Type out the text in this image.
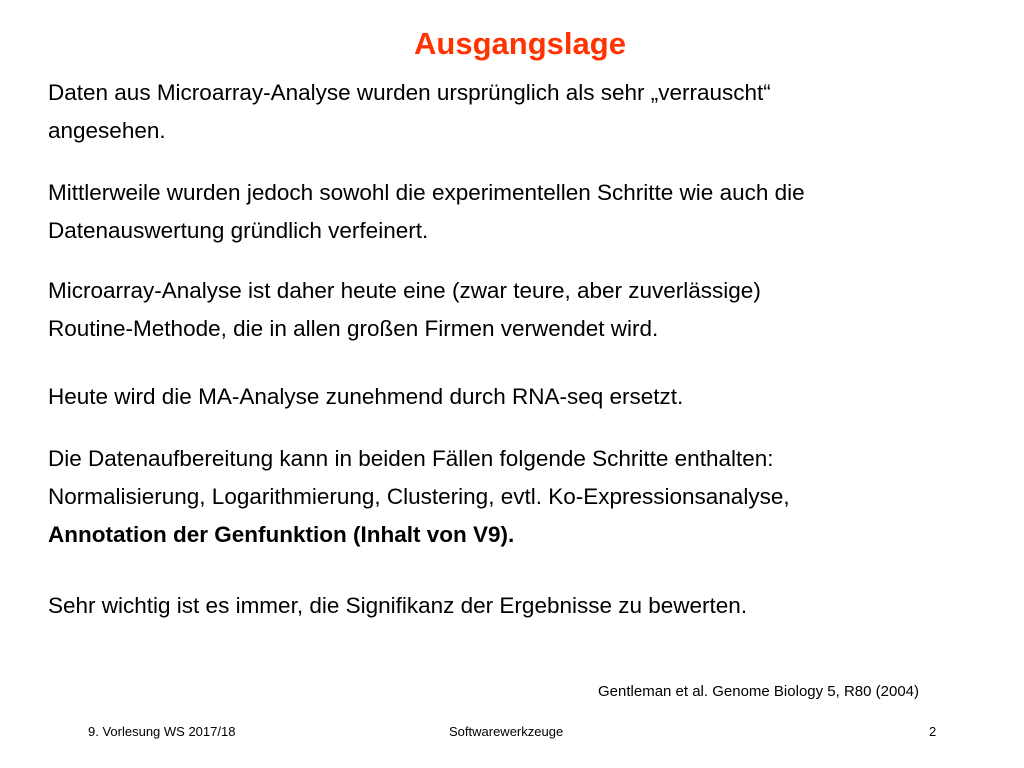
Ausgangslage
Daten aus Microarray-Analyse wurden ursprünglich als sehr „verrauscht“
angesehen.
Mittlerweile wurden jedoch sowohl die experimentellen Schritte wie auch die
Datenauswertung gründlich verfeinert.
Microarray-Analyse ist daher heute eine (zwar teure, aber zuverlässige)
Routine-Methode, die in allen großen Firmen verwendet wird.
Heute wird die MA-Analyse zunehmend durch RNA-seq ersetzt.
Die Datenaufbereitung kann in beiden Fällen folgende Schritte enthalten:
Normalisierung, Logarithmierung, Clustering, evtl. Ko-Expressionsanalyse,
Annotation der Genfunktion (Inhalt von V9).
Sehr wichtig ist es immer, die Signifikanz der Ergebnisse zu bewerten.
Gentleman et al. Genome Biology 5, R80 (2004)
9. Vorlesung WS 2017/18	Softwarewerkzeuge	2
